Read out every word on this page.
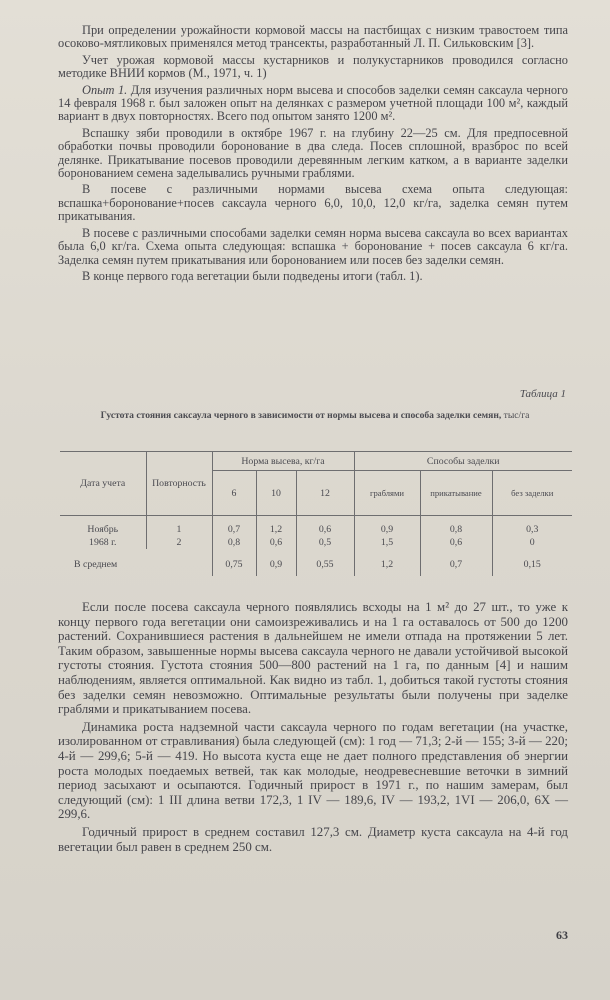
При определении урожайности кормовой массы на пастбищах с низким травостоем типа осоково-мятликовых применялся метод трансекты, разработанный Л. П. Сильковским [3].

Учет урожая кормовой массы кустарников и полукустарников проводился согласно методике ВНИИ кормов (М., 1971, ч. 1)

Опыт 1. Для изучения различных норм высева и способов заделки семян саксаула черного 14 февраля 1968 г. был заложен опыт на делянках с размером учетной площади 100 м², каждый вариант в двух повторностях. Всего под опытом занято 1200 м².

Вспашку зяби проводили в октябре 1967 г. на глубину 22—25 см. Для предпосевной обработки почвы проводили боронование в два следа. Посев сплошной, вразброс по всей делянке. Прикатывание посевов проводили деревянным легким катком, а в варианте заделки боронованием семена заделывались ручными граблями.

В посеве с различными нормами высева схема опыта следующая: вспашка+боронование+посев саксаула черного 6,0, 10,0, 12,0 кг/га, заделка семян путем прикатывания.

В посеве с различными способами заделки семян норма высева саксаула во всех вариантах была 6,0 кг/га. Схема опыта следующая: вспашка + боронование + посев саксаула 6 кг/га. Заделка семян путем прикатывания или боронованием или посев без заделки семян.

В конце первого года вегетации были подведены итоги (табл. 1).

Таблица 1
Густота стояния саксаула черного в зависимости от нормы высева и способа заделки семян, тыс/га
Дата учета	Повторность	Норма высева, кг/га			Способы заделки		
		6	10	12	граблями	прикатывание	без заделки
Ноябрь	1	0,7	1,2	0,6	0,9	0,8	0,3
1968 г.	2	0,8	0,6	0,5	1,5	0,6	0
В среднем		0,75	0,9	0,55	1,2	0,7	0,15

Если после посева саксаула черного появлялись всходы на 1 м² до 27 шт., то уже к концу первого года вегетации они самоизреживались и на 1 га оставалось от 500 до 1200 растений. Сохранившиеся растения в дальнейшем не имели отпада на протяжении 5 лет. Таким образом, завышенные нормы высева саксаула черного не давали устойчивой высокой густоты стояния. Густота стояния 500—800 растений на 1 га, по данным [4] и нашим наблюдениям, является оптимальной. Как видно из табл. 1, добиться такой густоты стояния без заделки семян невозможно. Оптимальные результаты были получены при заделке граблями и прикатыванием посева.

Динамика роста надземной части саксаула черного по годам вегетации (на участке, изолированном от стравливания) была следующей (см): 1 год — 71,3; 2-й — 155; 3-й — 220; 4-й — 299,6; 5-й — 419. Но высота куста еще не дает полного представления об энергии роста молодых поедаемых ветвей, так как молодые, неодревесневшие веточки в зимний период засыхают и осыпаются. Годичный прирост в 1971 г., по нашим замерам, был следующий (см): 1 III длина ветви 172,3, 1 IV — 189,6, IV — 193,2, 1VI — 206,0, 6X — 299,6.

Годичный прирост в среднем составил 127,3 см. Диаметр куста саксаула на 4-й год вегетации был равен в среднем 250 см.

63
